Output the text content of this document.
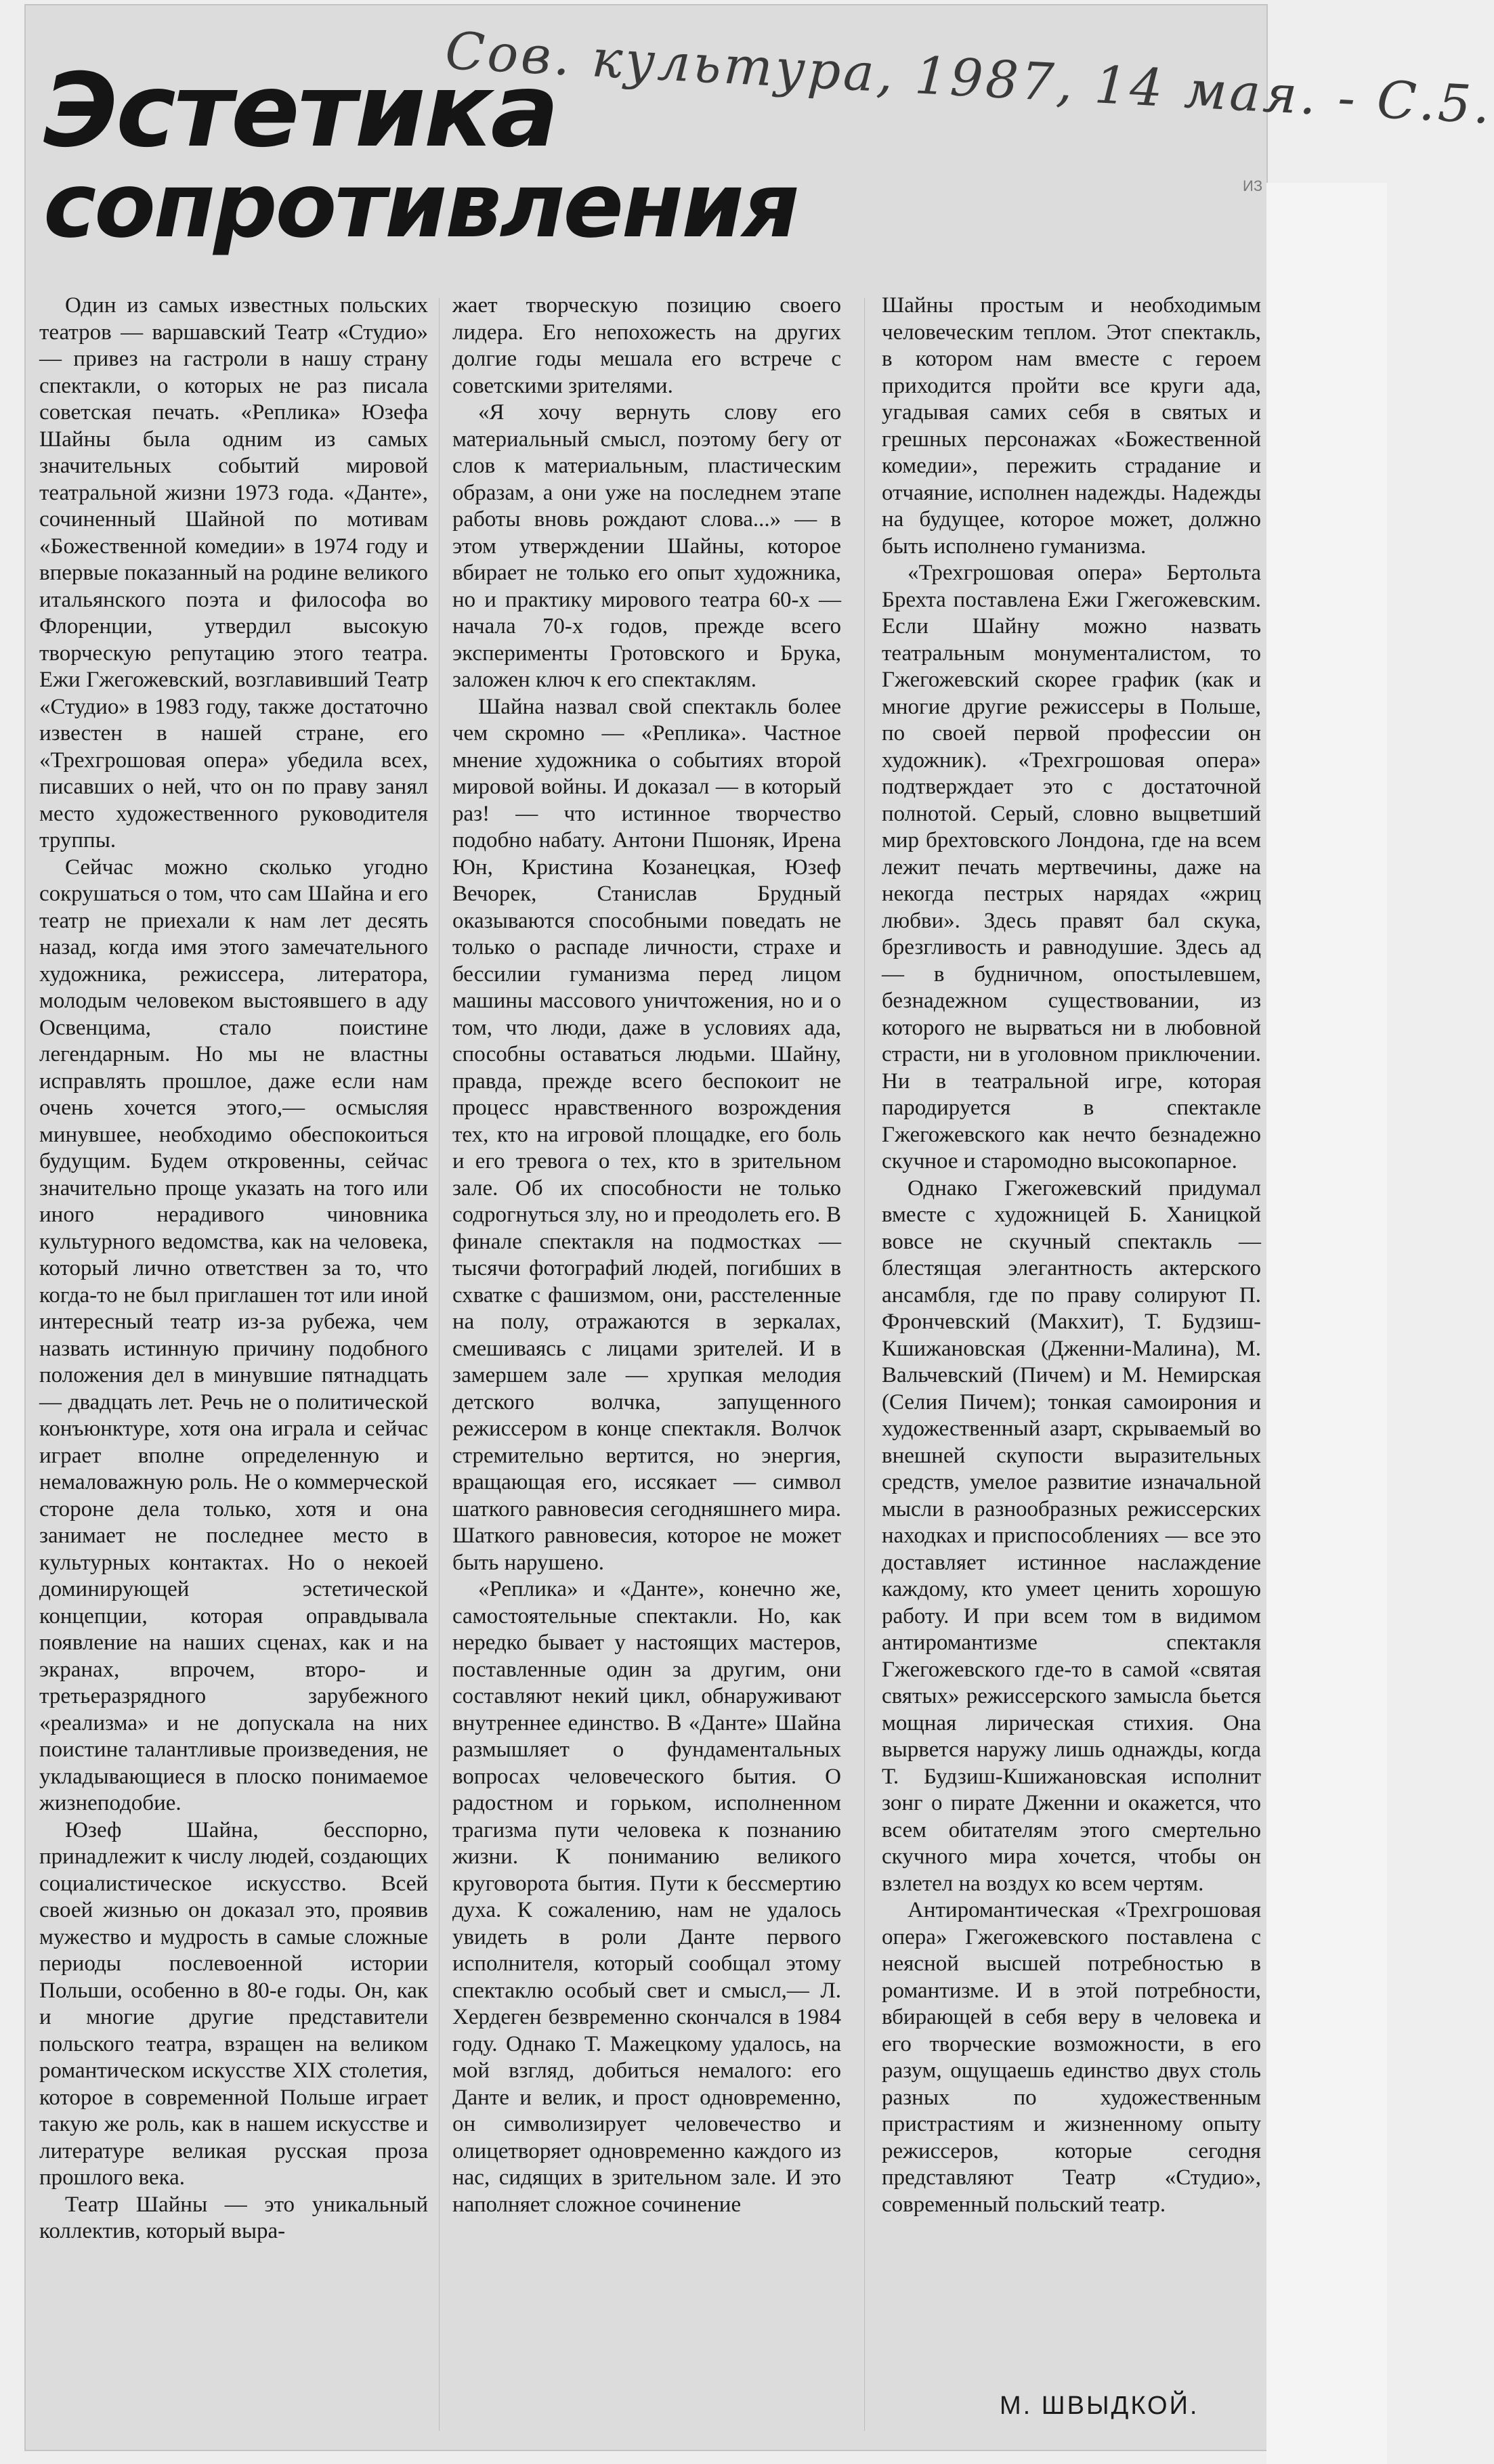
Сов. культура, 1987, 14 мая. - С.5.
ИЗ
Эстетика
сопротивления

Один из самых известных польских театров — варшавский Театр «Студио» — привез на гастроли в нашу страну спектакли, о которых не раз писала советская печать. «Реплика» Юзефа Шайны была одним из самых значительных событий мировой театральной жизни 1973 года. «Данте», сочиненный Шайной по мотивам «Божественной комедии» в 1974 году и впервые показанный на родине великого итальянского поэта и философа во Флоренции, утвердил высокую творческую репутацию этого театра. Ежи Гжегожевский, возглавивший Театр «Студио» в 1983 году, также достаточно известен в нашей стране, его «Трехгрошовая опера» убедила всех, писавших о ней, что он по праву занял место художественного руководителя труппы.

Сейчас можно сколько угодно сокрушаться о том, что сам Шайна и его театр не приехали к нам лет десять назад, когда имя этого замечательного художника, режиссера, литератора, молодым человеком выстоявшего в аду Освенцима, стало поистине легендарным. Но мы не властны исправлять прошлое, даже если нам очень хочется этого,— осмысляя минувшее, необходимо обеспокоиться будущим. Будем откровенны, сейчас значительно проще указать на того или иного нерадивого чиновника культурного ведомства, как на человека, который лично ответствен за то, что когда-то не был приглашен тот или иной интересный театр из-за рубежа, чем назвать истинную причину подобного положения дел в минувшие пятнадцать — двадцать лет. Речь не о политической конъюнктуре, хотя она играла и сейчас играет вполне определенную и немаловажную роль. Не о коммерческой стороне дела только, хотя и она занимает не последнее место в культурных контактах. Но о некоей доминирующей эстетической концепции, которая оправдывала появление на наших сценах, как и на экранах, впрочем, второ- и третьеразрядного зарубежного «реализма» и не допускала на них поистине талантливые произведения, не укладывающиеся в плоско понимаемое жизнеподобие.

Юзеф Шайна, бесспорно, принадлежит к числу людей, создающих социалистическое искусство. Всей своей жизнью он доказал это, проявив мужество и мудрость в самые сложные периоды послевоенной истории Польши, особенно в 80-е годы. Он, как и многие другие представители польского театра, взращен на великом романтическом искусстве XIX столетия, которое в современной Польше играет такую же роль, как в нашем искусстве и литературе великая русская проза прошлого века.

Театр Шайны — это уникальный коллектив, который выра-

жает творческую позицию своего лидера. Его непохожесть на других долгие годы мешала его встрече с советскими зрителями.

«Я хочу вернуть слову его материальный смысл, поэтому бегу от слов к материальным, пластическим образам, а они уже на последнем этапе работы вновь рождают слова...» — в этом утверждении Шайны, которое вбирает не только его опыт художника, но и практику мирового театра 60-х — начала 70-х годов, прежде всего эксперименты Гротовского и Брука, заложен ключ к его спектаклям.

Шайна назвал свой спектакль более чем скромно — «Реплика». Частное мнение художника о событиях второй мировой войны. И доказал — в который раз! — что истинное творчество подобно набату. Антони Пшоняк, Ирена Юн, Кристина Козанецкая, Юзеф Вечорек, Станислав Брудный оказываются способными поведать не только о распаде личности, страхе и бессилии гуманизма перед лицом машины массового уничтожения, но и о том, что люди, даже в условиях ада, способны оставаться людьми. Шайну, правда, прежде всего беспокоит не процесс нравственного возрождения тех, кто на игровой площадке, его боль и его тревога о тех, кто в зрительном зале. Об их способности не только содрогнуться злу, но и преодолеть его. В финале спектакля на подмостках — тысячи фотографий людей, погибших в схватке с фашизмом, они, расстеленные на полу, отражаются в зеркалах, смешиваясь с лицами зрителей. И в замершем зале — хрупкая мелодия детского волчка, запущенного режиссером в конце спектакля. Волчок стремительно вертится, но энергия, вращающая его, иссякает — символ шаткого равновесия сегодняшнего мира. Шаткого равновесия, которое не может быть нарушено.

«Реплика» и «Данте», конечно же, самостоятельные спектакли. Но, как нередко бывает у настоящих мастеров, поставленные один за другим, они составляют некий цикл, обнаруживают внутреннее единство. В «Данте» Шайна размышляет о фундаментальных вопросах человеческого бытия. О радостном и горьком, исполненном трагизма пути человека к познанию жизни. К пониманию великого круговорота бытия. Пути к бессмертию духа. К сожалению, нам не удалось увидеть в роли Данте первого исполнителя, который сообщал этому спектаклю особый свет и смысл,— Л. Хердеген безвременно скончался в 1984 году. Однако Т. Мажецкому удалось, на мой взгляд, добиться немалого: его Данте и велик, и прост одновременно, он символизирует человечество и олицетворяет одновременно каждого из нас, сидящих в зрительном зале. И это наполняет сложное сочинение

Шайны простым и необходимым человеческим теплом. Этот спектакль, в котором нам вместе с героем приходится пройти все круги ада, угадывая самих себя в святых и грешных персонажах «Божественной комедии», пережить страдание и отчаяние, исполнен надежды. Надежды на будущее, которое может, должно быть исполнено гуманизма.

«Трехгрошовая опера» Бертольта Брехта поставлена Ежи Гжегожевским. Если Шайну можно назвать театральным монументалистом, то Гжегожевский скорее график (как и многие другие режиссеры в Польше, по своей первой профессии он художник). «Трехгрошовая опера» подтверждает это с достаточной полнотой. Серый, словно выцветший мир брехтовского Лондона, где на всем лежит печать мертвечины, даже на некогда пестрых нарядах «жриц любви». Здесь правят бал скука, брезгливость и равнодушие. Здесь ад — в будничном, опостылевшем, безнадежном существовании, из которого не вырваться ни в любовной страсти, ни в уголовном приключении. Ни в театральной игре, которая пародируется в спектакле Гжегожевского как нечто безнадежно скучное и старомодно высокопарное.

Однако Гжегожевский придумал вместе с художницей Б. Ханицкой вовсе не скучный спектакль — блестящая элегантность актерского ансамбля, где по праву солируют П. Фрончевский (Макхит), Т. Будзиш-Кшижановская (Дженни-Малина), М. Вальчевский (Пичем) и М. Немирская (Селия Пичем); тонкая самоирония и художественный азарт, скрываемый во внешней скупости выразительных средств, умелое развитие изначальной мысли в разнообразных режиссерских находках и приспособлениях — все это доставляет истинное наслаждение каждому, кто умеет ценить хорошую работу. И при всем том в видимом антиромантизме спектакля Гжегожевского где-то в самой «святая святых» режиссерского замысла бьется мощная лирическая стихия. Она вырвется наружу лишь однажды, когда Т. Будзиш-Кшижановская исполнит зонг о пирате Дженни и окажется, что всем обитателям этого смертельно скучного мира хочется, чтобы он взлетел на воздух ко всем чертям.

Антиромантическая «Трехгрошовая опера» Гжегожевского поставлена с неясной высшей потребностью в романтизме. И в этой потребности, вбирающей в себя веру в человека и его творческие возможности, в его разум, ощущаешь единство двух столь разных по художественным пристрастиям и жизненному опыту режиссеров, которые сегодня представляют Театр «Студио», современный польский театр.

М. ШВЫДКОЙ.
